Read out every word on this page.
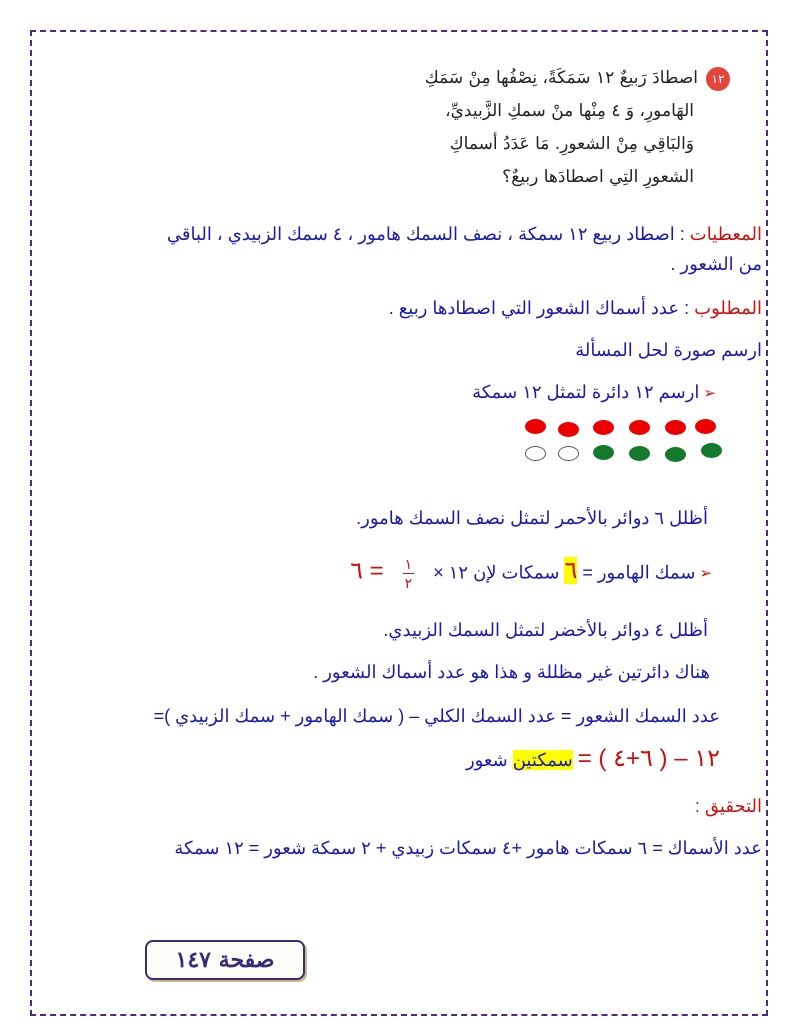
١٢اصطادَ رَبيعٌ ١٢ سَمَكَةً، نِصْفُها مِنْ سَمَكِ
الهَامورِ، وَ ٤ مِنْها منْ سمكِ الزَّبيديِّ،
وَالبَاقِي مِنْ الشعورِ. مَا عَدَدُ أسماكِ
الشعورِ التِي اصطادَها ربيعٌ؟
المعطيات : اصطاد ربيع ١٢ سمكة ، نصف السمك هامور ، ٤ سمك الزبيدي ، الباقي
من الشعور .
المطلوب : عدد أسماك الشعور التي اصطادها ربيع .
ارسم صورة لحل المسألة
➢ارسم ١٢ دائرة لتمثل ١٢ سمكة
أظلل ٦ دوائر بالأحمر لتمثل نصف السمك هامور.
➢سمك الهامور = ٦ سمكات لإن ١٢ ×
١
٢
= ٦
أظلل ٤ دوائر بالأخضر لتمثل السمك الزبيدي.
هناك دائرتين غير مظللة و هذا هو عدد أسماك الشعور .
عدد السمك الشعور = عدد السمك الكلي – ( سمك الهامور + سمك الزبيدي )=
١٢ – ( ٦+٤ ) = سمكتين شعور
التحقيق :
عدد الأسماك = ٦ سمكات هامور +٤ سمكات زبيدي + ٢ سمكة شعور = ١٢ سمكة
صفحة ١٤٧
